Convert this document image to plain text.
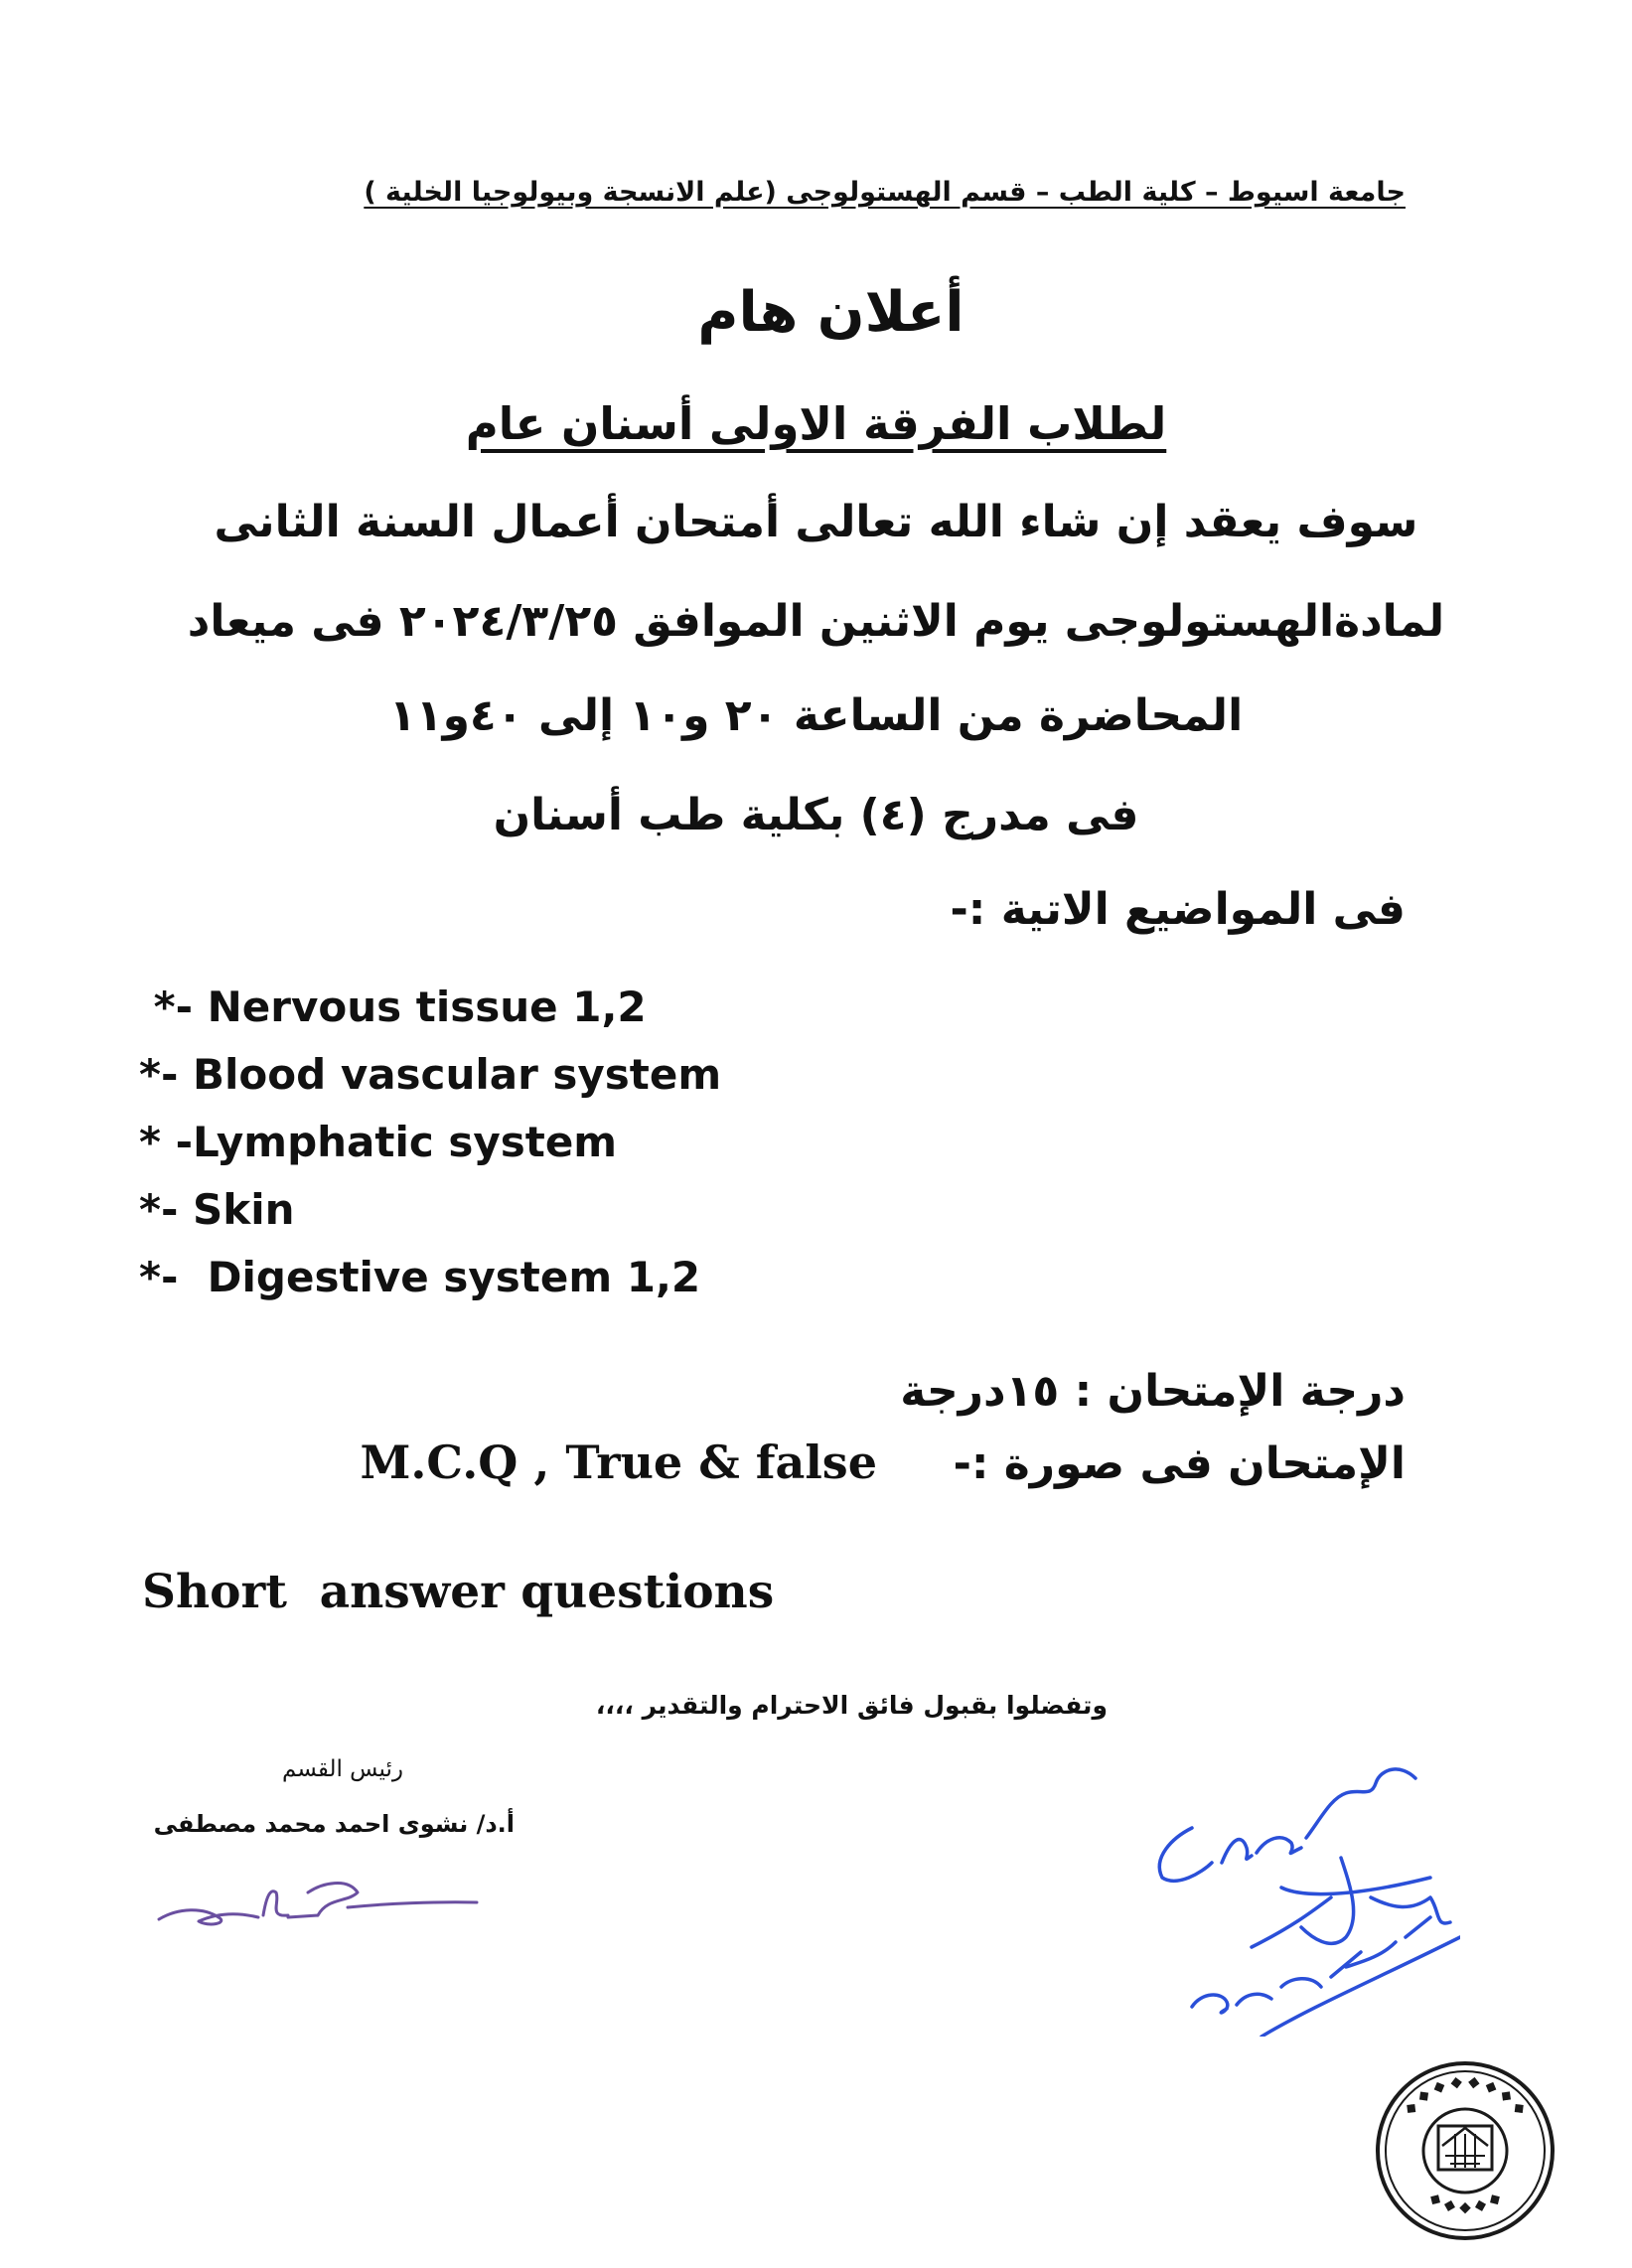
جامعة اسيوط – كلية الطب – قسم الهستولوجى (علم الانسجة وبيولوجيا الخلية )
أعلان هام
لطلاب الفرقة الاولى أسنان عام
سوف يعقد إن شاء الله تعالى أمتحان أعمال السنة الثانى
لمادةالهستولوجى يوم الاثنين الموافق ٢٠٢٤/٣/٢٥ فى ميعاد
المحاضرة من الساعة ٢٠ و١٠ إلى ٤٠و١١
فى مدرج (٤) بكلية طب أسنان
فى المواضيع الاتية :-
*- Nervous tissue 1,2
*- Blood vascular system
* -Lymphatic system
*- Skin
*-  Digestive system 1,2
درجة الإمتحان : ١٥درجة
الإمتحان فى صورة :-     M.C.Q , True & false
Short  answer questions
وتفضلوا بقبول فائق الاحترام والتقدير ،،،،
رئيس القسم
أ.د/ نشوى احمد محمد مصطفى
◆ ◆ ◆ ◆ ◆ ◆ ◆ ◆
◆ ◆ ◆ ◆ ◆
